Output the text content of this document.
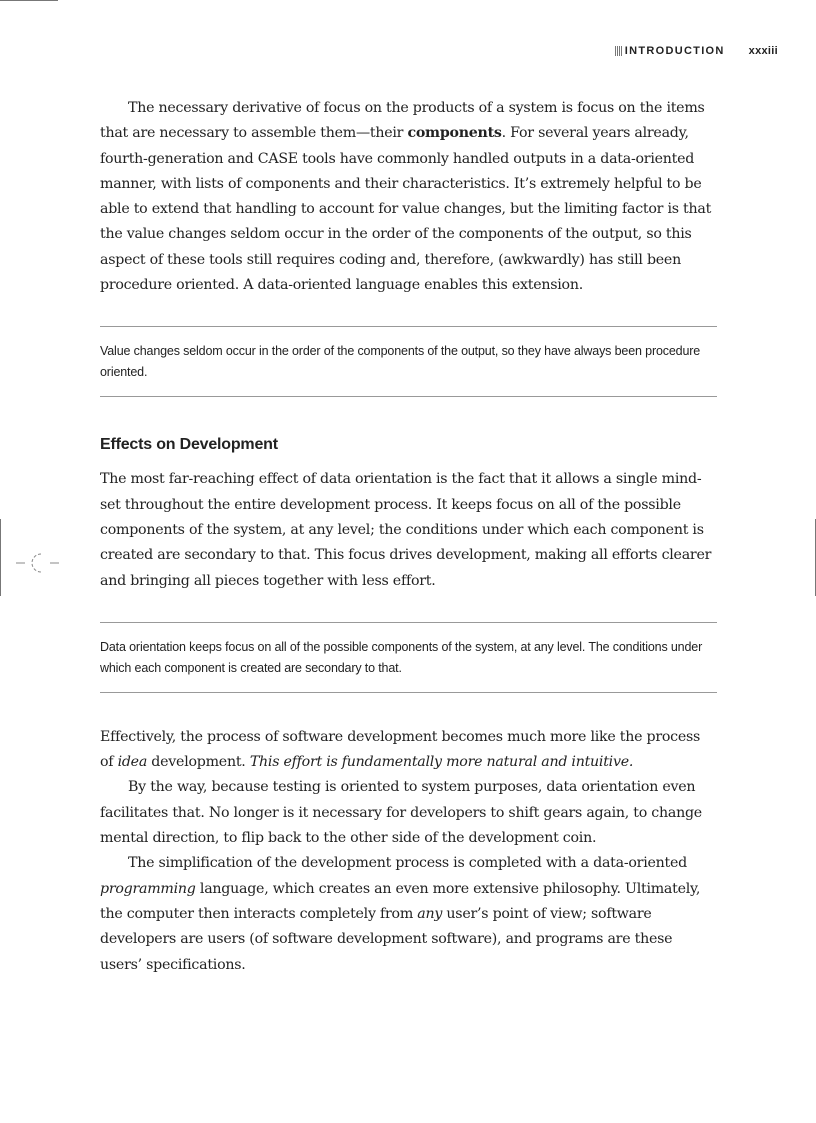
INTRODUCTION xxxiii

The necessary derivative of focus on the products of a system is focus on the items that are necessary to assemble them—their components. For several years already, fourth-generation and CASE tools have commonly handled outputs in a data-oriented manner, with lists of components and their characteristics. It’s extremely helpful to be able to extend that handling to account for value changes, but the limiting factor is that the value changes seldom occur in the order of the components of the output, so this aspect of these tools still requires coding and, therefore, (awkwardly) has still been procedure oriented. A data-oriented language enables this extension.

Value changes seldom occur in the order of the components of the output, so they have always been procedure oriented.

Effects on Development

The most far-reaching effect of data orientation is the fact that it allows a single mind-set throughout the entire development process. It keeps focus on all of the possible components of the system, at any level; the conditions under which each component is created are secondary to that. This focus drives development, making all efforts clearer and bringing all pieces together with less effort.

Data orientation keeps focus on all of the possible components of the system, at any level. The conditions under which each component is created are secondary to that.

Effectively, the process of software development becomes much more like the process of idea development. This effort is fundamentally more natural and intuitive.

By the way, because testing is oriented to system purposes, data orientation even facilitates that. No longer is it necessary for developers to shift gears again, to change mental direction, to flip back to the other side of the development coin.

The simplification of the development process is completed with a data-oriented programming language, which creates an even more extensive philosophy. Ultimately, the computer then interacts completely from any user’s point of view; software developers are users (of software development software), and programs are these users’ specifications.
